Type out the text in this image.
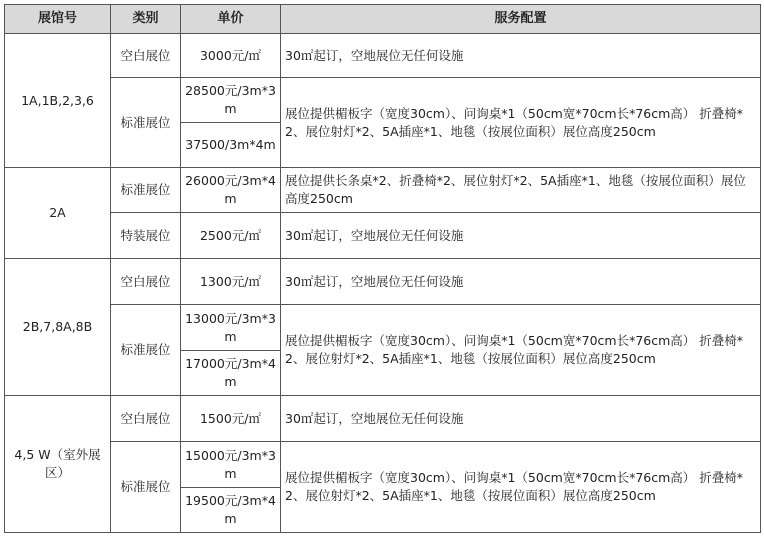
展馆号	类别	单价	服务配置
1A,1B,2,3,6	空白展位	3000元/㎡	30㎡起订，空地展位无任何设施
	标准展位	28500元/3m*3m	展位提供楣板字（宽度30cm）、问询桌*1（50cm宽*70cm长*76cm高） 折叠椅*2、展位射灯*2、5A插座*1、地毯（按展位面积）展位高度250cm
		37500/3m*4m	
2A	标准展位	26000元/3m*4m	展位提供长条桌*2、折叠椅*2、展位射灯*2、5A插座*1、地毯（按展位面积）展位高度250cm
	特装展位	2500元/㎡	30㎡起订，空地展位无任何设施
2B,7,8A,8B	空白展位	1300元/㎡	30㎡起订，空地展位无任何设施
	标准展位	13000元/3m*3m	展位提供楣板字（宽度30cm）、问询桌*1（50cm宽*70cm长*76cm高） 折叠椅*2、展位射灯*2、5A插座*1、地毯（按展位面积）展位高度250cm
		17000元/3m*4m	
4,5 W（室外展区）	空白展位	1500元/㎡	30㎡起订，空地展位无任何设施
	标准展位	15000元/3m*3m	展位提供楣板字（宽度30cm）、问询桌*1（50cm宽*70cm长*76cm高） 折叠椅*2、展位射灯*2、5A插座*1、地毯（按展位面积）展位高度250cm
		19500元/3m*4m	
